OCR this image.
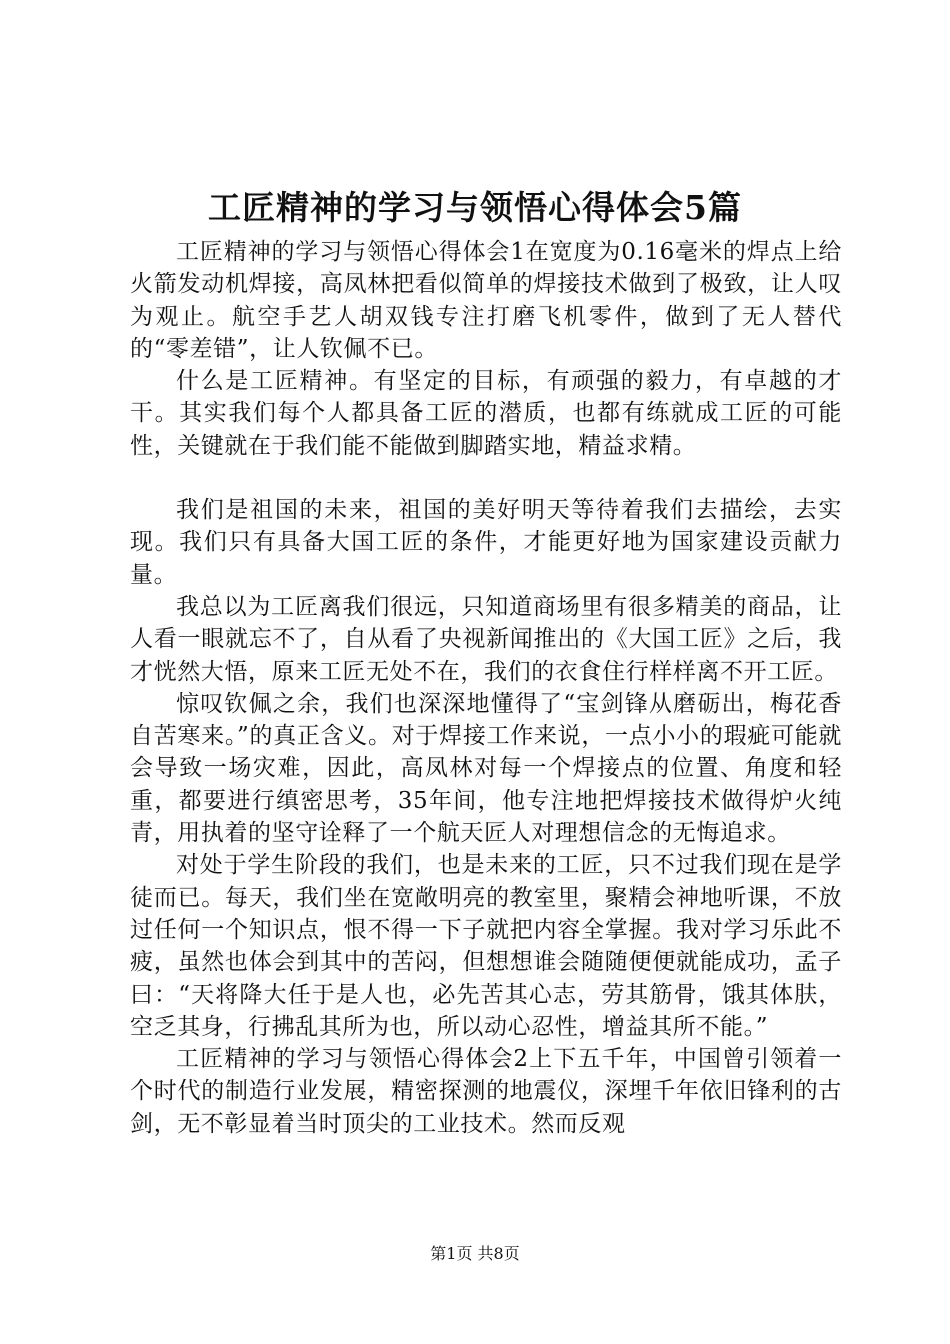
工匠精神的学习与领悟心得体会5篇

工匠精神的学习与领悟心得体会1在宽度为0.16毫米的焊点上给火箭发动机焊接，高凤林把看似简单的焊接技术做到了极致，让人叹为观止。航空手艺人胡双钱专注打磨飞机零件，做到了无人替代的“零差错”，让人钦佩不已。

什么是工匠精神。有坚定的目标，有顽强的毅力，有卓越的才干。其实我们每个人都具备工匠的潜质，也都有练就成工匠的可能性，关键就在于我们能不能做到脚踏实地，精益求精。

我们是祖国的未来，祖国的美好明天等待着我们去描绘，去实现。我们只有具备大国工匠的条件，才能更好地为国家建设贡献力量。

我总以为工匠离我们很远，只知道商场里有很多精美的商品，让人看一眼就忘不了，自从看了央视新闻推出的《大国工匠》之后，我才恍然大悟，原来工匠无处不在，我们的衣食住行样样离不开工匠。

惊叹钦佩之余，我们也深深地懂得了“宝剑锋从磨砺出，梅花香自苦寒来。”的真正含义。对于焊接工作来说，一点小小的瑕疵可能就会导致一场灾难，因此，高凤林对每一个焊接点的位置、角度和轻重，都要进行缜密思考，35年间，他专注地把焊接技术做得炉火纯青，用执着的坚守诠释了一个航天匠人对理想信念的无悔追求。

对处于学生阶段的我们，也是未来的工匠，只不过我们现在是学徒而已。每天，我们坐在宽敞明亮的教室里，聚精会神地听课，不放过任何一个知识点，恨不得一下子就把内容全掌握。我对学习乐此不疲，虽然也体会到其中的苦闷，但想想谁会随随便便就能成功，孟子曰：“天将降大任于是人也，必先苦其心志，劳其筋骨，饿其体肤，空乏其身，行拂乱其所为也，所以动心忍性，增益其所不能。”

工匠精神的学习与领悟心得体会2上下五千年，中国曾引领着一个时代的制造行业发展，精密探测的地震仪，深埋千年依旧锋利的古剑，无不彰显着当时顶尖的工业技术。然而反观

第1页 共8页
